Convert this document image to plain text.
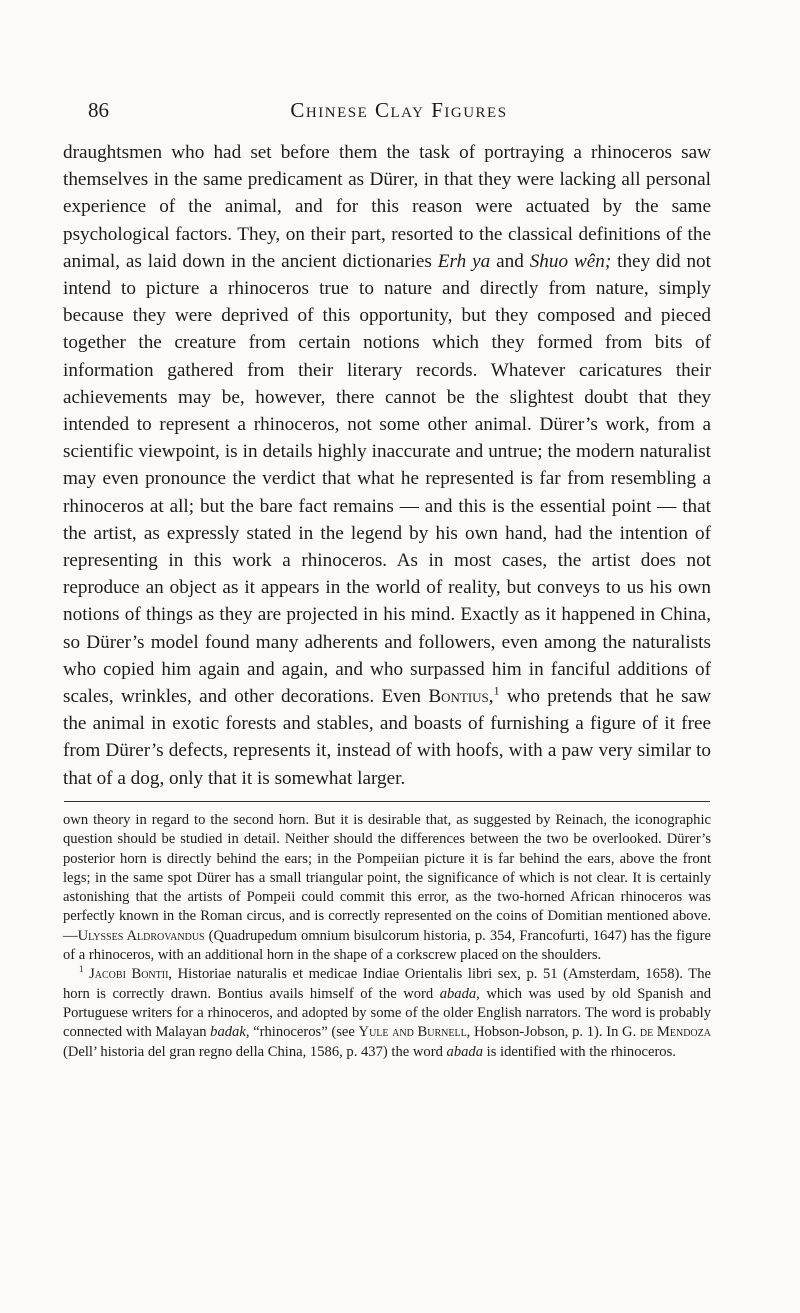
86	Chinese Clay Figures

draughtsmen who had set before them the task of portraying a rhinoceros saw themselves in the same predicament as Dürer, in that they were lacking all personal experience of the animal, and for this reason were actuated by the same psychological factors. They, on their part, resorted to the classical definitions of the animal, as laid down in the ancient dictionaries Erh ya and Shuo wên; they did not intend to picture a rhinoceros true to nature and directly from nature, simply because they were deprived of this opportunity, but they composed and pieced together the creature from certain notions which they formed from bits of information gathered from their literary records. Whatever caricatures their achievements may be, however, there cannot be the slightest doubt that they intended to represent a rhinoceros, not some other animal. Dürer’s work, from a scientific viewpoint, is in details highly inaccurate and untrue; the modern naturalist may even pronounce the verdict that what he represented is far from resembling a rhinoceros at all; but the bare fact remains — and this is the essential point — that the artist, as expressly stated in the legend by his own hand, had the intention of representing in this work a rhinoceros. As in most cases, the artist does not reproduce an object as it appears in the world of reality, but conveys to us his own notions of things as they are projected in his mind. Exactly as it happened in China, so Dürer’s model found many adherents and followers, even among the naturalists who copied him again and again, and who surpassed him in fanciful additions of scales, wrinkles, and other decorations. Even Bontius,$^1$ who pretends that he saw the animal in exotic forests and stables, and boasts of furnishing a figure of it free from Dürer’s defects, represents it, instead of with hoofs, with a paw very similar to that of a dog, only that it is somewhat larger.

own theory in regard to the second horn. But it is desirable that, as suggested by Reinach, the iconographic question should be studied in detail. Neither should the differences between the two be overlooked. Dürer’s posterior horn is directly behind the ears; in the Pompeiian picture it is far behind the ears, above the front legs; in the same spot Dürer has a small triangular point, the significance of which is not clear. It is certainly astonishing that the artists of Pompeii could commit this error, as the two-horned African rhinoceros was perfectly known in the Roman circus, and is correctly represented on the coins of Domitian mentioned above.—Ulysses Aldrovandus (Quadrupedum omnium bisulcorum historia, p. 354, Francofurti, 1647) has the figure of a rhinoceros, with an additional horn in the shape of a corkscrew placed on the shoulders.

$^1$ Jacobi Bontii, Historiae naturalis et medicae Indiae Orientalis libri sex, p. 51 (Amsterdam, 1658). The horn is correctly drawn. Bontius avails himself of the word abada, which was used by old Spanish and Portuguese writers for a rhinoceros, and adopted by some of the older English narrators. The word is probably connected with Malayan badak, “rhinoceros” (see Yule and Burnell, Hobson-Jobson, p. 1). In G. de Mendoza (Dell’ historia del gran regno della China, 1586, p. 437) the word abada is identified with the rhinoceros.
